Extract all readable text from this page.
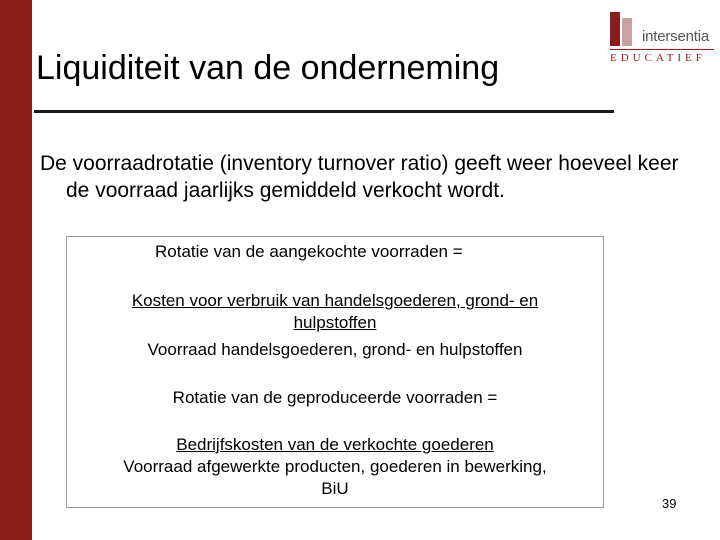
Liquiditeit van de onderneming
intersentia
EDUCATIEF
De voorraadrotatie (inventory turnover ratio) geeft weer hoeveel keer de voorraad jaarlijks gemiddeld verkocht wordt.

Rotatie van de aangekochte voorraden =

Kosten voor verbruik van handelsgoederen, grond- en

hulpstoffen

Voorraad handelsgoederen, grond- en hulpstoffen

Rotatie van de geproduceerde voorraden =

Bedrijfskosten van de verkochte goederen

Voorraad afgewerkte producten, goederen in bewerking,

BiU

39
